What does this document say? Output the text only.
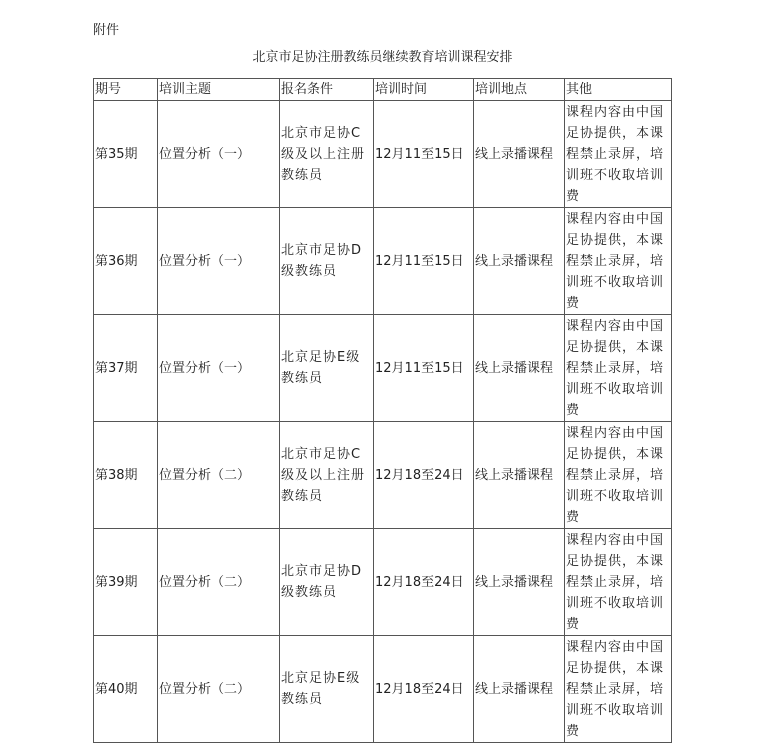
附件
北京市足协注册教练员继续教育培训课程安排
期号	培训主题	报名条件	培训时间	培训地点	其他
第35期	位置分析（一）	北京市足协C级及以上注册教练员	12月11至15日	线上录播课程	课程内容由中国足协提供，本课程禁止录屏，培训班不收取培训费
第36期	位置分析（一）	北京市足协D级教练员	12月11至15日	线上录播课程	课程内容由中国足协提供，本课程禁止录屏，培训班不收取培训费
第37期	位置分析（一）	北京足协E级教练员	12月11至15日	线上录播课程	课程内容由中国足协提供，本课程禁止录屏，培训班不收取培训费
第38期	位置分析（二）	北京市足协C级及以上注册教练员	12月18至24日	线上录播课程	课程内容由中国足协提供，本课程禁止录屏，培训班不收取培训费
第39期	位置分析（二）	北京市足协D级教练员	12月18至24日	线上录播课程	课程内容由中国足协提供，本课程禁止录屏，培训班不收取培训费
第40期	位置分析（二）	北京足协E级教练员	12月18至24日	线上录播课程	课程内容由中国足协提供，本课程禁止录屏，培训班不收取培训费
